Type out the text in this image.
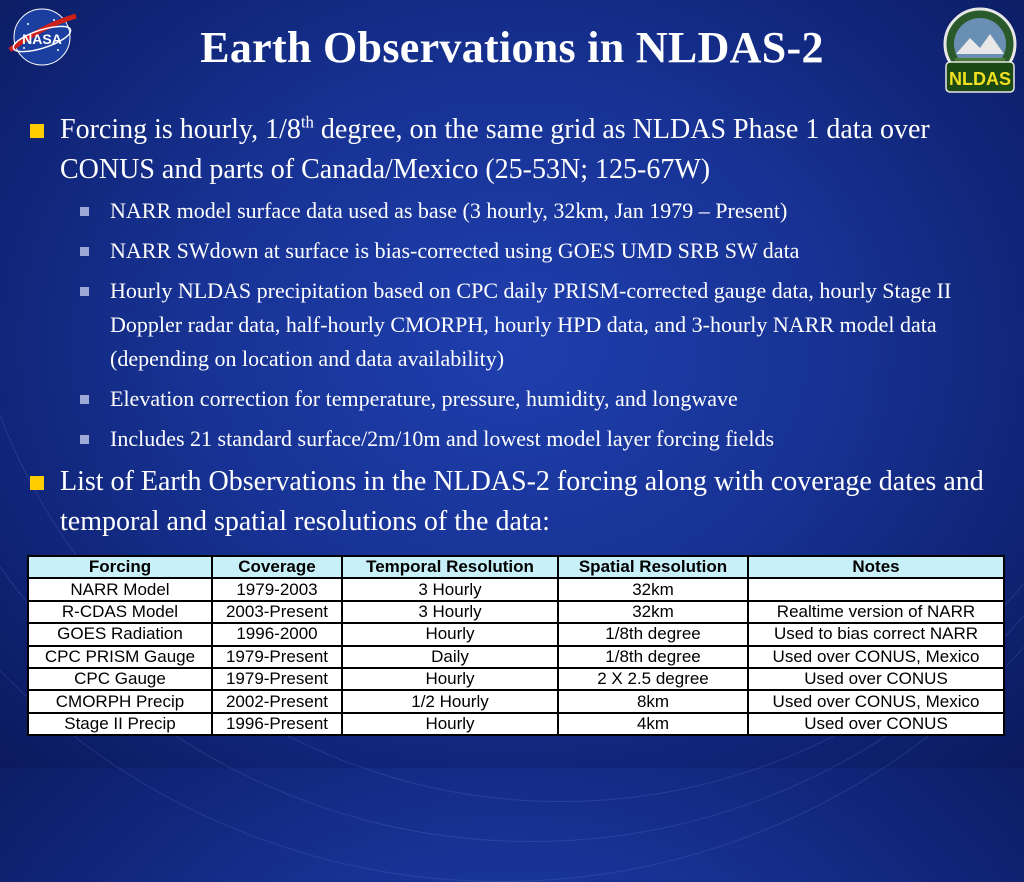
NASA
NLDAS
Earth Observations in NLDAS-2
Forcing is hourly, 1/8th degree, on the same grid as NLDAS Phase 1 data over CONUS and parts of Canada/Mexico (25-53N; 125-67W)
NARR model surface data used as base (3 hourly, 32km, Jan 1979 – Present)
NARR SWdown at surface is bias-corrected using GOES UMD SRB SW data
Hourly NLDAS precipitation based on CPC daily PRISM-corrected gauge data, hourly Stage II Doppler radar data, half-hourly CMORPH, hourly HPD data, and 3-hourly NARR model data (depending on location and data availability)
Elevation correction for temperature, pressure, humidity, and longwave
Includes 21 standard surface/2m/10m and lowest model layer forcing fields
List of Earth Observations in the NLDAS-2 forcing along with coverage dates and temporal and spatial resolutions of the data:
Forcing	Coverage	Temporal Resolution	Spatial Resolution	Notes
NARR Model	1979-2003	3 Hourly	32km	
R-CDAS Model	2003-Present	3 Hourly	32km	Realtime version of NARR
GOES Radiation	1996-2000	Hourly	1/8th degree	Used to bias correct NARR
CPC PRISM Gauge	1979-Present	Daily	1/8th degree	Used over CONUS, Mexico
CPC Gauge	1979-Present	Hourly	2 X 2.5 degree	Used over CONUS
CMORPH Precip	2002-Present	1/2 Hourly	8km	Used over CONUS, Mexico
Stage II Precip	1996-Present	Hourly	4km	Used over CONUS
